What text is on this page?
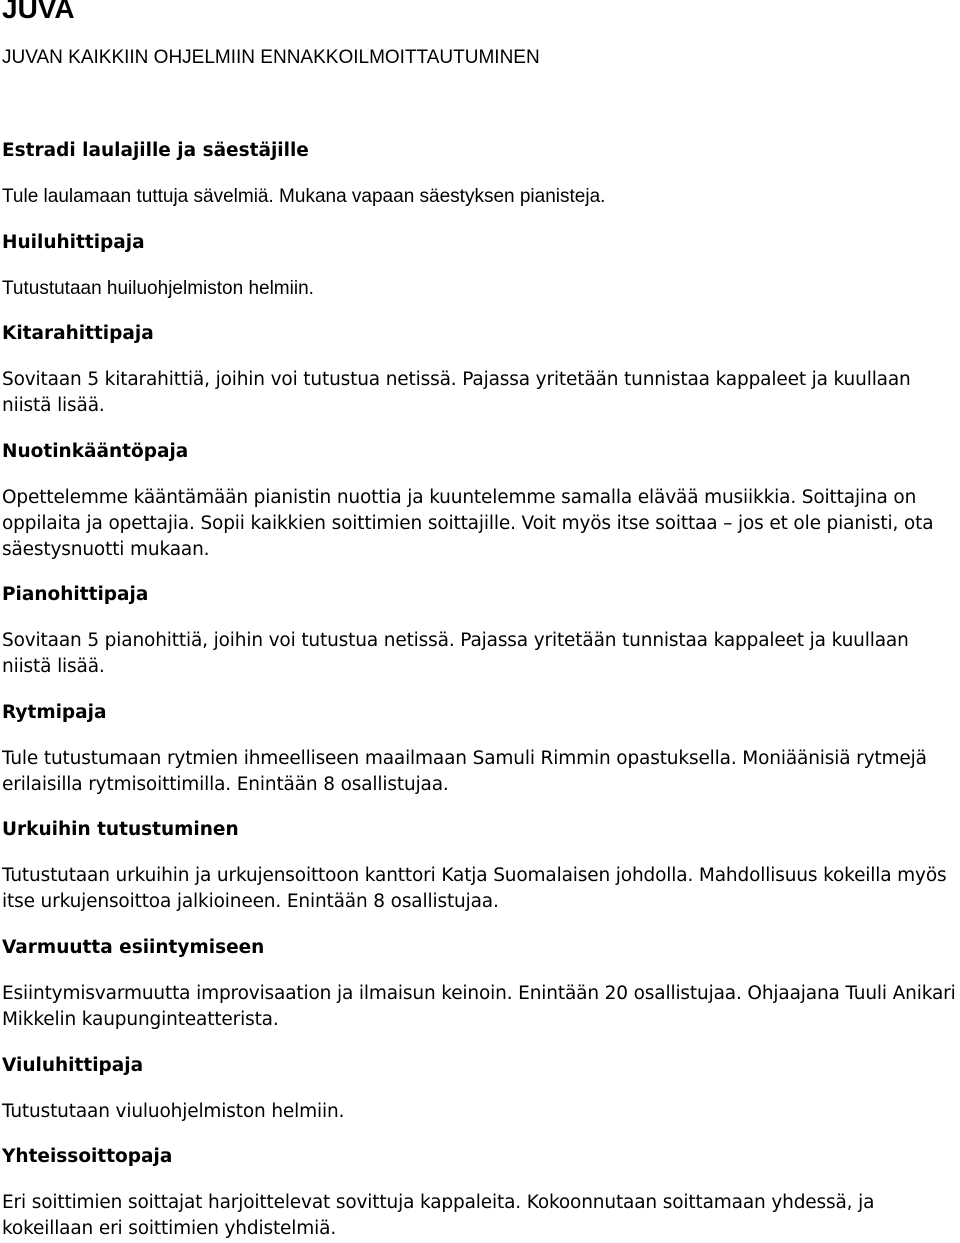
JUVA

JUVAN KAIKKIIN OHJELMIIN ENNAKKOILMOITTAUTUMINEN

Estradi laulajille ja säestäjille

Tule laulamaan tuttuja sävelmiä. Mukana vapaan säestyksen pianisteja.

Huiluhittipaja

Tutustutaan huiluohjelmiston helmiin.

Kitarahittipaja

Sovitaan 5 kitarahittiä, joihin voi tutustua netissä. Pajassa yritetään tunnistaa kappaleet ja kuullaan niistä lisää.

Nuotinkääntöpaja

Opettelemme kääntämään pianistin nuottia ja kuuntelemme samalla elävää musiikkia. Soittajina on oppilaita ja opettajia. Sopii kaikkien soittimien soittajille. Voit myös itse soittaa – jos et ole pianisti, ota säestysnuotti mukaan.

Pianohittipaja

Sovitaan 5 pianohittiä, joihin voi tutustua netissä. Pajassa yritetään tunnistaa kappaleet ja kuullaan niistä lisää.

Rytmipaja

Tule tutustumaan rytmien ihmeelliseen maailmaan Samuli Rimmin opastuksella. Moniäänisiä rytmejä erilaisilla rytmisoittimilla. Enintään 8 osallistujaa.

Urkuihin tutustuminen

Tutustutaan urkuihin ja urkujensoittoon kanttori Katja Suomalaisen johdolla. Mahdollisuus kokeilla myös itse urkujensoittoa jalkioineen. Enintään 8 osallistujaa.

Varmuutta esiintymiseen

Esiintymisvarmuutta improvisaation ja ilmaisun keinoin. Enintään 20 osallistujaa. Ohjaajana Tuuli Anikari Mikkelin kaupunginteatterista.

Viuluhittipaja

Tutustutaan viuluohjelmiston helmiin.

Yhteissoittopaja

Eri soittimien soittajat harjoittelevat sovittuja kappaleita. Kokoonnutaan soittamaan yhdessä, ja kokeillaan eri soittimien yhdistelmiä.
